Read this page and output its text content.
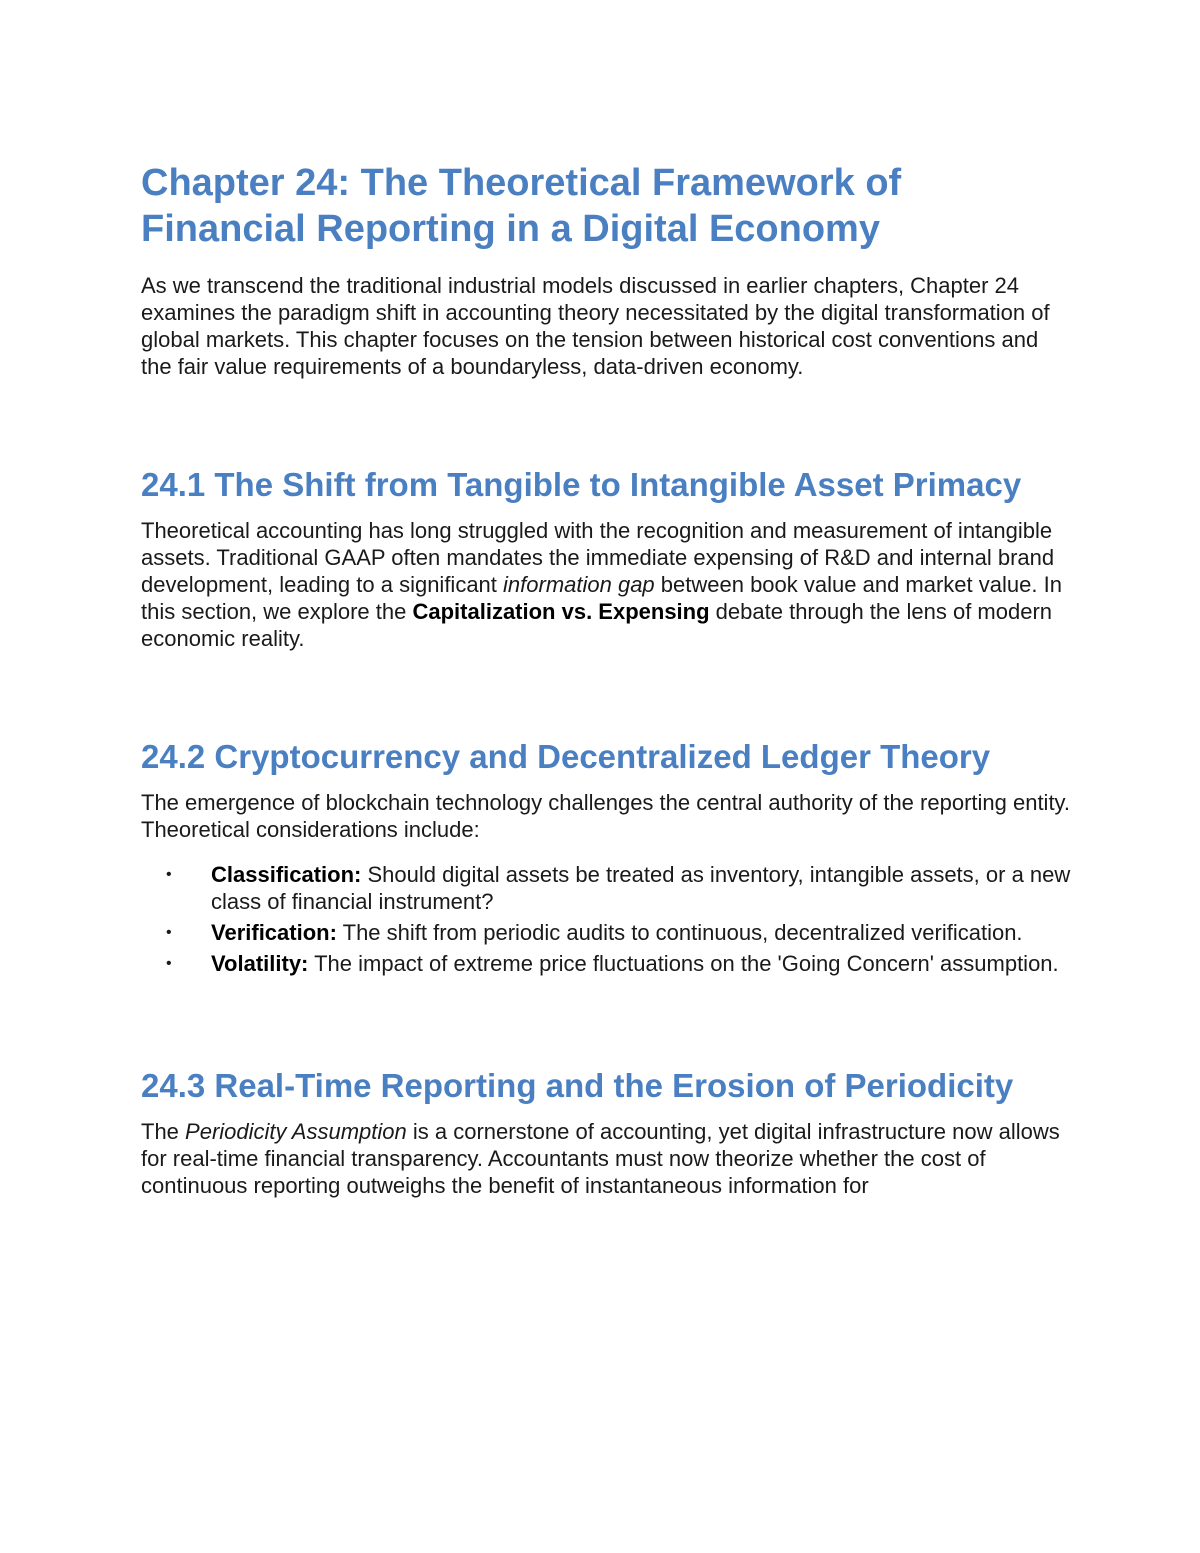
Chapter 24: The Theoretical Framework of Financial Reporting in a Digital Economy

As we transcend the traditional industrial models discussed in earlier chapters, Chapter 24 examines the paradigm shift in accounting theory necessitated by the digital transformation of global markets. This chapter focuses on the tension between historical cost conventions and the fair value requirements of a boundaryless, data-driven economy.

24.1 The Shift from Tangible to Intangible Asset Primacy

Theoretical accounting has long struggled with the recognition and measurement of intangible assets. Traditional GAAP often mandates the immediate expensing of R&D and internal brand development, leading to a significant information gap between book value and market value. In this section, we explore the Capitalization vs. Expensing debate through the lens of modern economic reality.

24.2 Cryptocurrency and Decentralized Ledger Theory

The emergence of blockchain technology challenges the central authority of the reporting entity. Theoretical considerations include:

• Classification: Should digital assets be treated as inventory, intangible assets, or a new class of financial instrument?
• Verification: The shift from periodic audits to continuous, decentralized verification.
• Volatility: The impact of extreme price fluctuations on the 'Going Concern' assumption.
24.3 Real-Time Reporting and the Erosion of Periodicity

The Periodicity Assumption is a cornerstone of accounting, yet digital infrastructure now allows for real-time financial transparency. Accountants must now theorize whether the cost of continuous reporting outweighs the benefit of instantaneous information for
